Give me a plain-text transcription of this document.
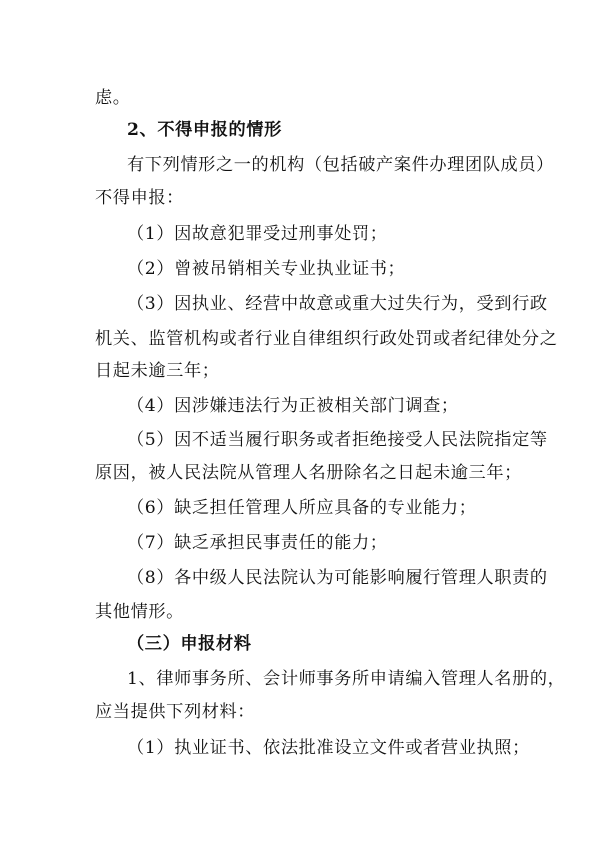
虑。
2、不得申报的情形
有下列情形之一的机构（包括破产案件办理团队成员）
不得申报：
（1）因故意犯罪受过刑事处罚；
（2）曾被吊销相关专业执业证书；
（3）因执业、经营中故意或重大过失行为，受到行政
机关、监管机构或者行业自律组织行政处罚或者纪律处分之
日起未逾三年；
（4）因涉嫌违法行为正被相关部门调查；
（5）因不适当履行职务或者拒绝接受人民法院指定等
原因，被人民法院从管理人名册除名之日起未逾三年；
（6）缺乏担任管理人所应具备的专业能力；
（7）缺乏承担民事责任的能力；
（8）各中级人民法院认为可能影响履行管理人职责的
其他情形。
（三）申报材料
1、律师事务所、会计师事务所申请编入管理人名册的，
应当提供下列材料：
（1）执业证书、依法批准设立文件或者营业执照；
